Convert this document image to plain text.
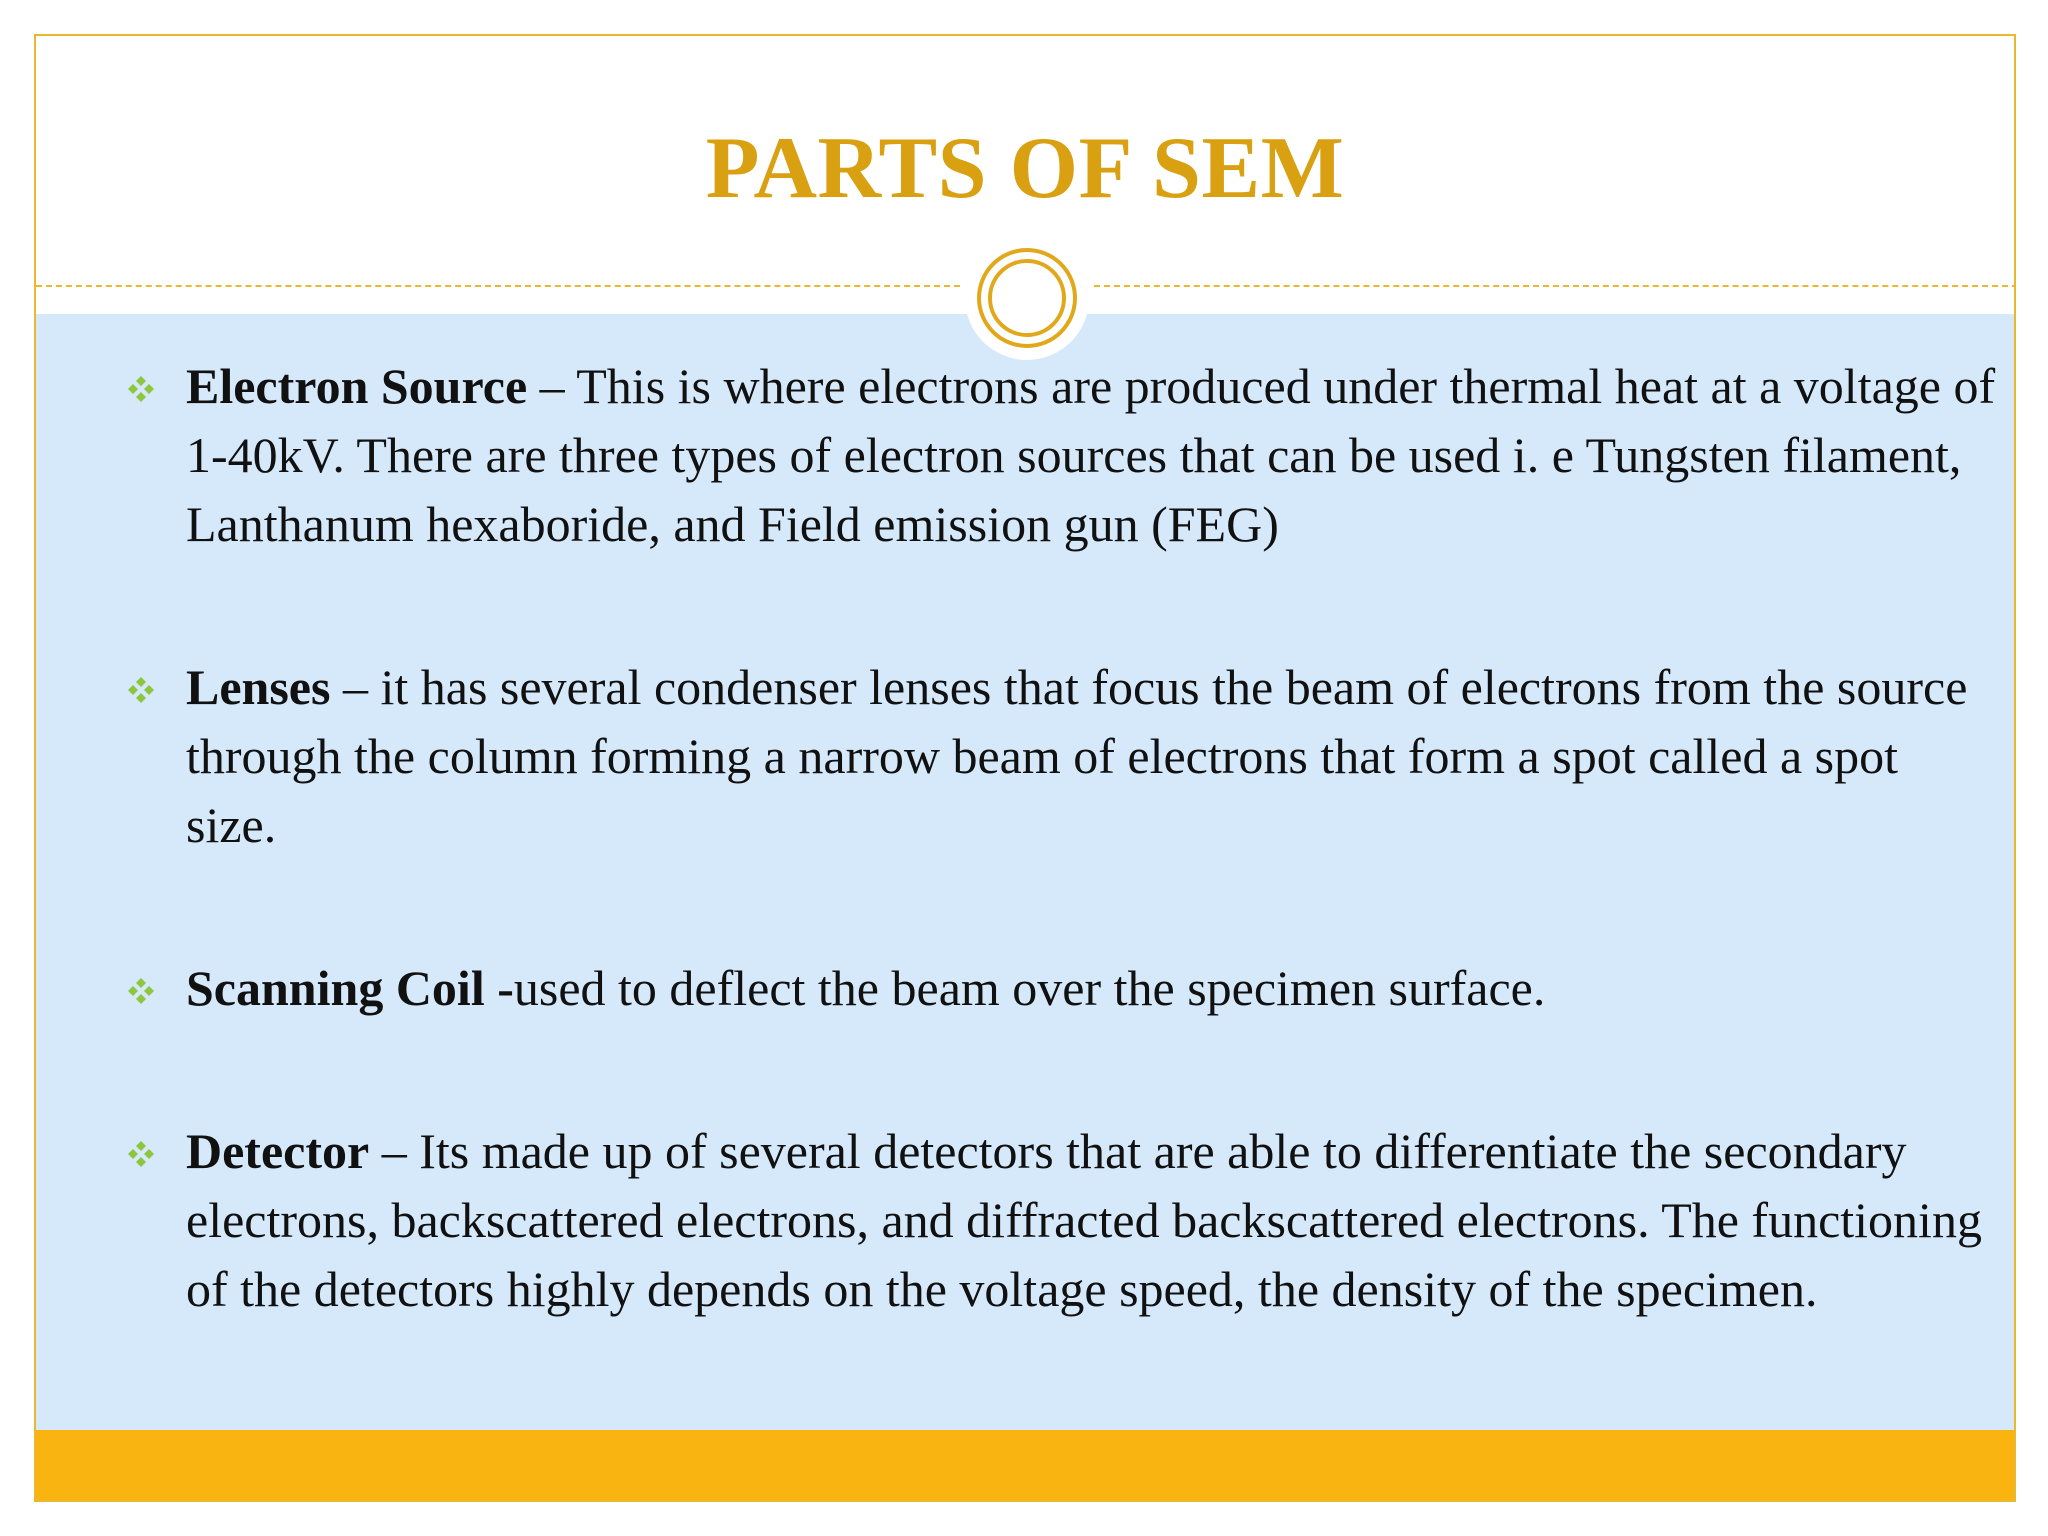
PARTS OF SEM
Electron Source – This is where electrons are produced under thermal heat at a voltage of 1-40kV. There are three types of electron sources that can be used i. e Tungsten filament, Lanthanum hexaboride, and Field emission gun (FEG)
Lenses – it has several condenser lenses that focus the beam of electrons from the source through the column forming a narrow beam of electrons that form a spot called a spot size.
Scanning Coil -used to deflect the beam over the specimen surface.
Detector – Its made up of several detectors that are able to differentiate the secondary electrons, backscattered electrons, and diffracted backscattered electrons. The functioning of the detectors highly depends on the voltage speed, the density of the specimen.
